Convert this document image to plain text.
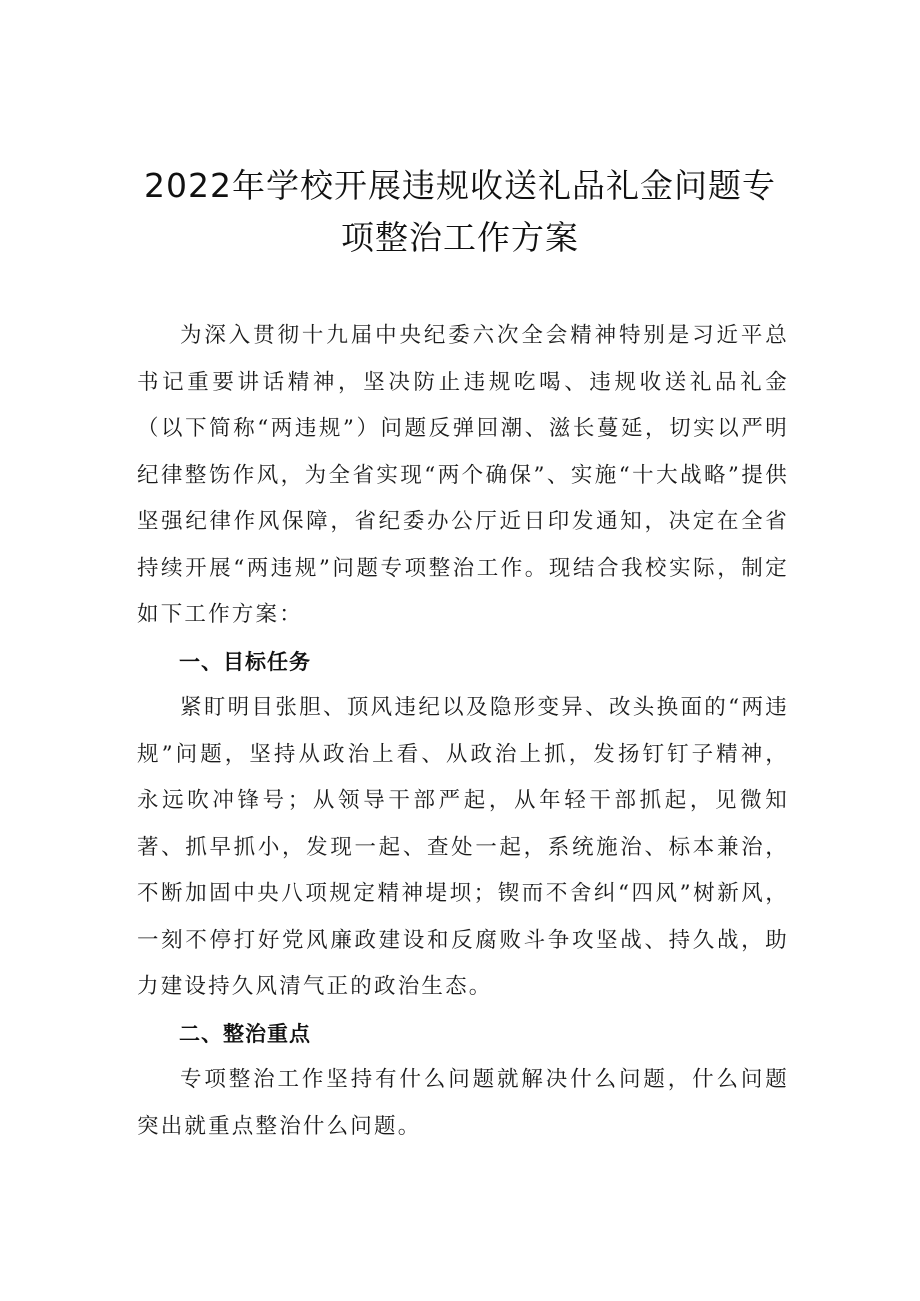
2022年学校开展违规收送礼品礼金问题专
项整治工作方案

为深入贯彻十九届中央纪委六次全会精神特别是习近平总书记重要讲话精神，坚决防止违规吃喝、违规收送礼品礼金（以下简称“两违规”）问题反弹回潮、滋长蔓延，切实以严明纪律整饬作风，为全省实现“两个确保”、实施“十大战略”提供坚强纪律作风保障，省纪委办公厅近日印发通知，决定在全省持续开展“两违规”问题专项整治工作。现结合我校实际，制定如下工作方案：

一、目标任务

紧盯明目张胆、顶风违纪以及隐形变异、改头换面的“两违规”问题，坚持从政治上看、从政治上抓，发扬钉钉子精神，永远吹冲锋号；从领导干部严起，从年轻干部抓起，见微知著、抓早抓小，发现一起、查处一起，系统施治、标本兼治，不断加固中央八项规定精神堤坝；锲而不舍纠“四风”树新风，一刻不停打好党风廉政建设和反腐败斗争攻坚战、持久战，助力建设持久风清气正的政治生态。

二、整治重点

专项整治工作坚持有什么问题就解决什么问题，什么问题突出就重点整治什么问题。
